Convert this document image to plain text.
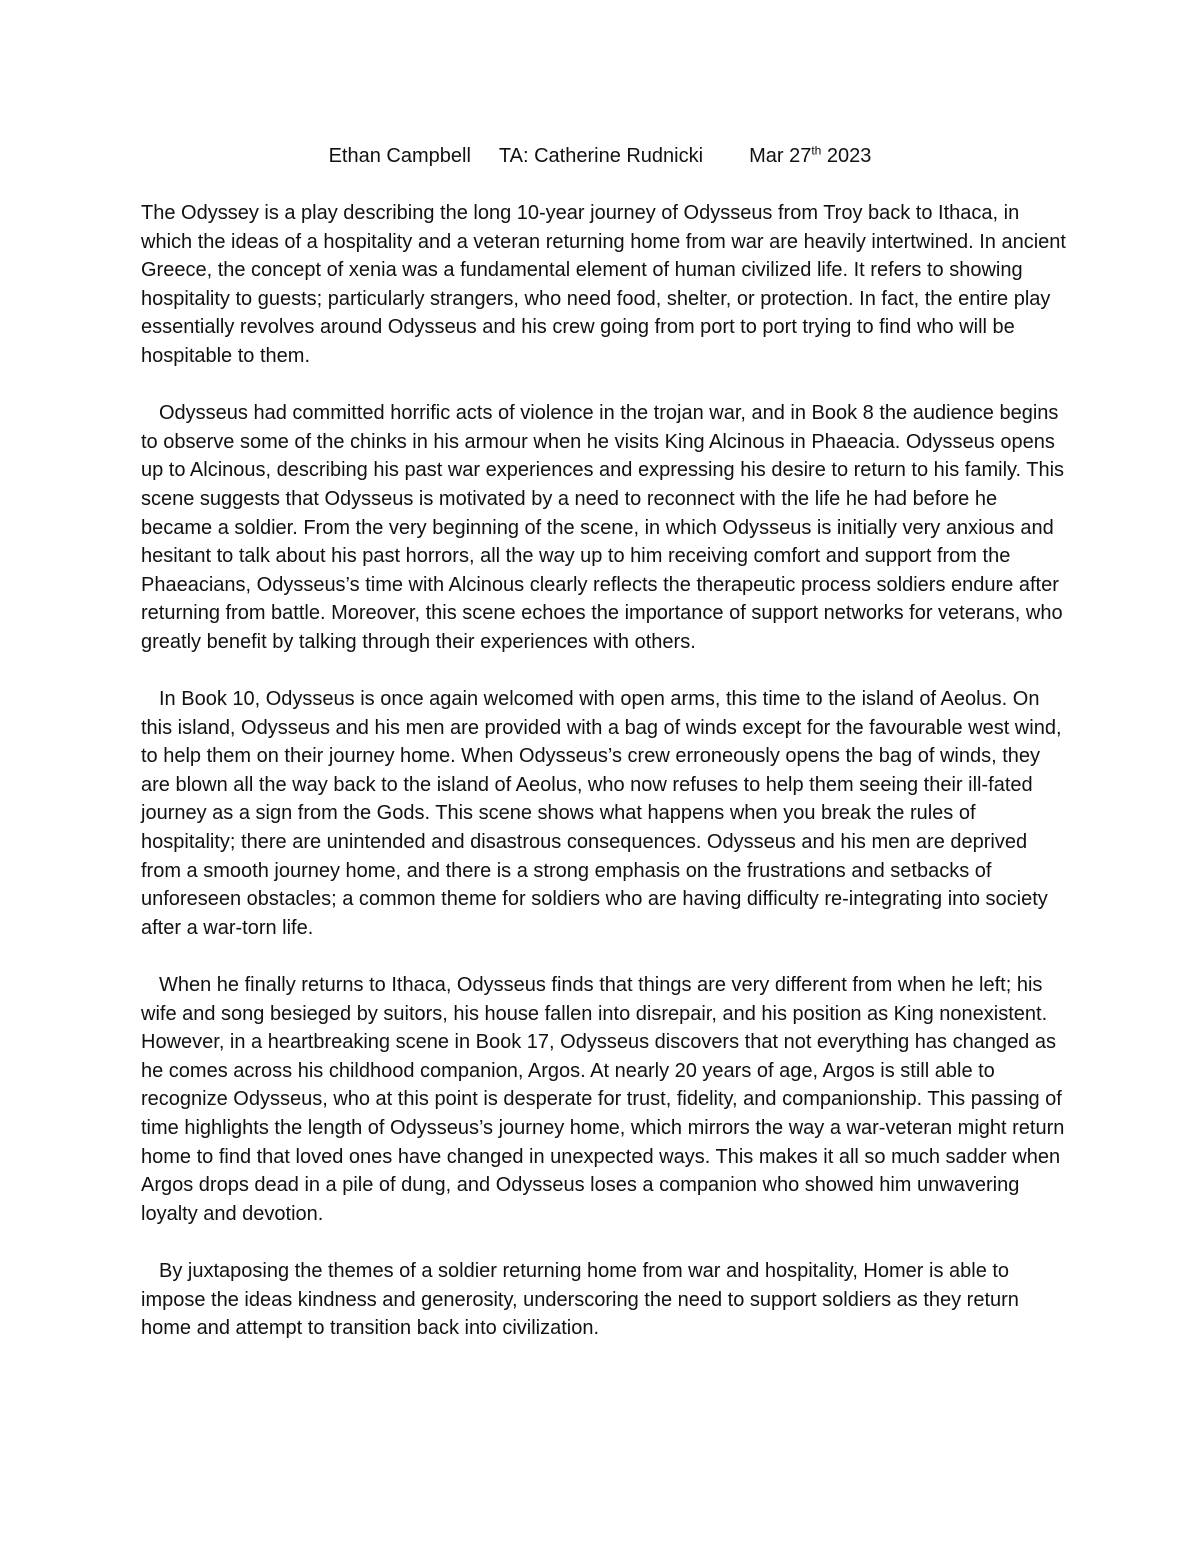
Ethan Campbell TA: Catherine Rudnicki Mar 27th 2023

The Odyssey is a play describing the long 10-year journey of Odysseus from Troy back to Ithaca, in which the ideas of a hospitality and a veteran returning home from war are heavily intertwined. In ancient Greece, the concept of xenia was a fundamental element of human civilized life. It refers to showing hospitality to guests; particularly strangers, who need food, shelter, or protection. In fact, the entire play essentially revolves around Odysseus and his crew going from port to port trying to find who will be hospitable to them.

Odysseus had committed horrific acts of violence in the trojan war, and in Book 8 the audience begins to observe some of the chinks in his armour when he visits King Alcinous in Phaeacia. Odysseus opens up to Alcinous, describing his past war experiences and expressing his desire to return to his family. This scene suggests that Odysseus is motivated by a need to reconnect with the life he had before he became a soldier. From the very beginning of the scene, in which Odysseus is initially very anxious and hesitant to talk about his past horrors, all the way up to him receiving comfort and support from the Phaeacians, Odysseus’s time with Alcinous clearly reflects the therapeutic process soldiers endure after returning from battle. Moreover, this scene echoes the importance of support networks for veterans, who greatly benefit by talking through their experiences with others.

In Book 10, Odysseus is once again welcomed with open arms, this time to the island of Aeolus. On this island, Odysseus and his men are provided with a bag of winds except for the favourable west wind, to help them on their journey home. When Odysseus’s crew erroneously opens the bag of winds, they are blown all the way back to the island of Aeolus, who now refuses to help them seeing their ill-fated journey as a sign from the Gods. This scene shows what happens when you break the rules of hospitality; there are unintended and disastrous consequences. Odysseus and his men are deprived from a smooth journey home, and there is a strong emphasis on the frustrations and setbacks of unforeseen obstacles; a common theme for soldiers who are having difficulty re-integrating into society after a war-torn life.

When he finally returns to Ithaca, Odysseus finds that things are very different from when he left; his wife and song besieged by suitors, his house fallen into disrepair, and his position as King nonexistent. However, in a heartbreaking scene in Book 17, Odysseus discovers that not everything has changed as he comes across his childhood companion, Argos. At nearly 20 years of age, Argos is still able to recognize Odysseus, who at this point is desperate for trust, fidelity, and companionship. This passing of time highlights the length of Odysseus’s journey home, which mirrors the way a war-veteran might return home to find that loved ones have changed in unexpected ways. This makes it all so much sadder when Argos drops dead in a pile of dung, and Odysseus loses a companion who showed him unwavering loyalty and devotion.

By juxtaposing the themes of a soldier returning home from war and hospitality, Homer is able to impose the ideas kindness and generosity, underscoring the need to support soldiers as they return home and attempt to transition back into civilization.
